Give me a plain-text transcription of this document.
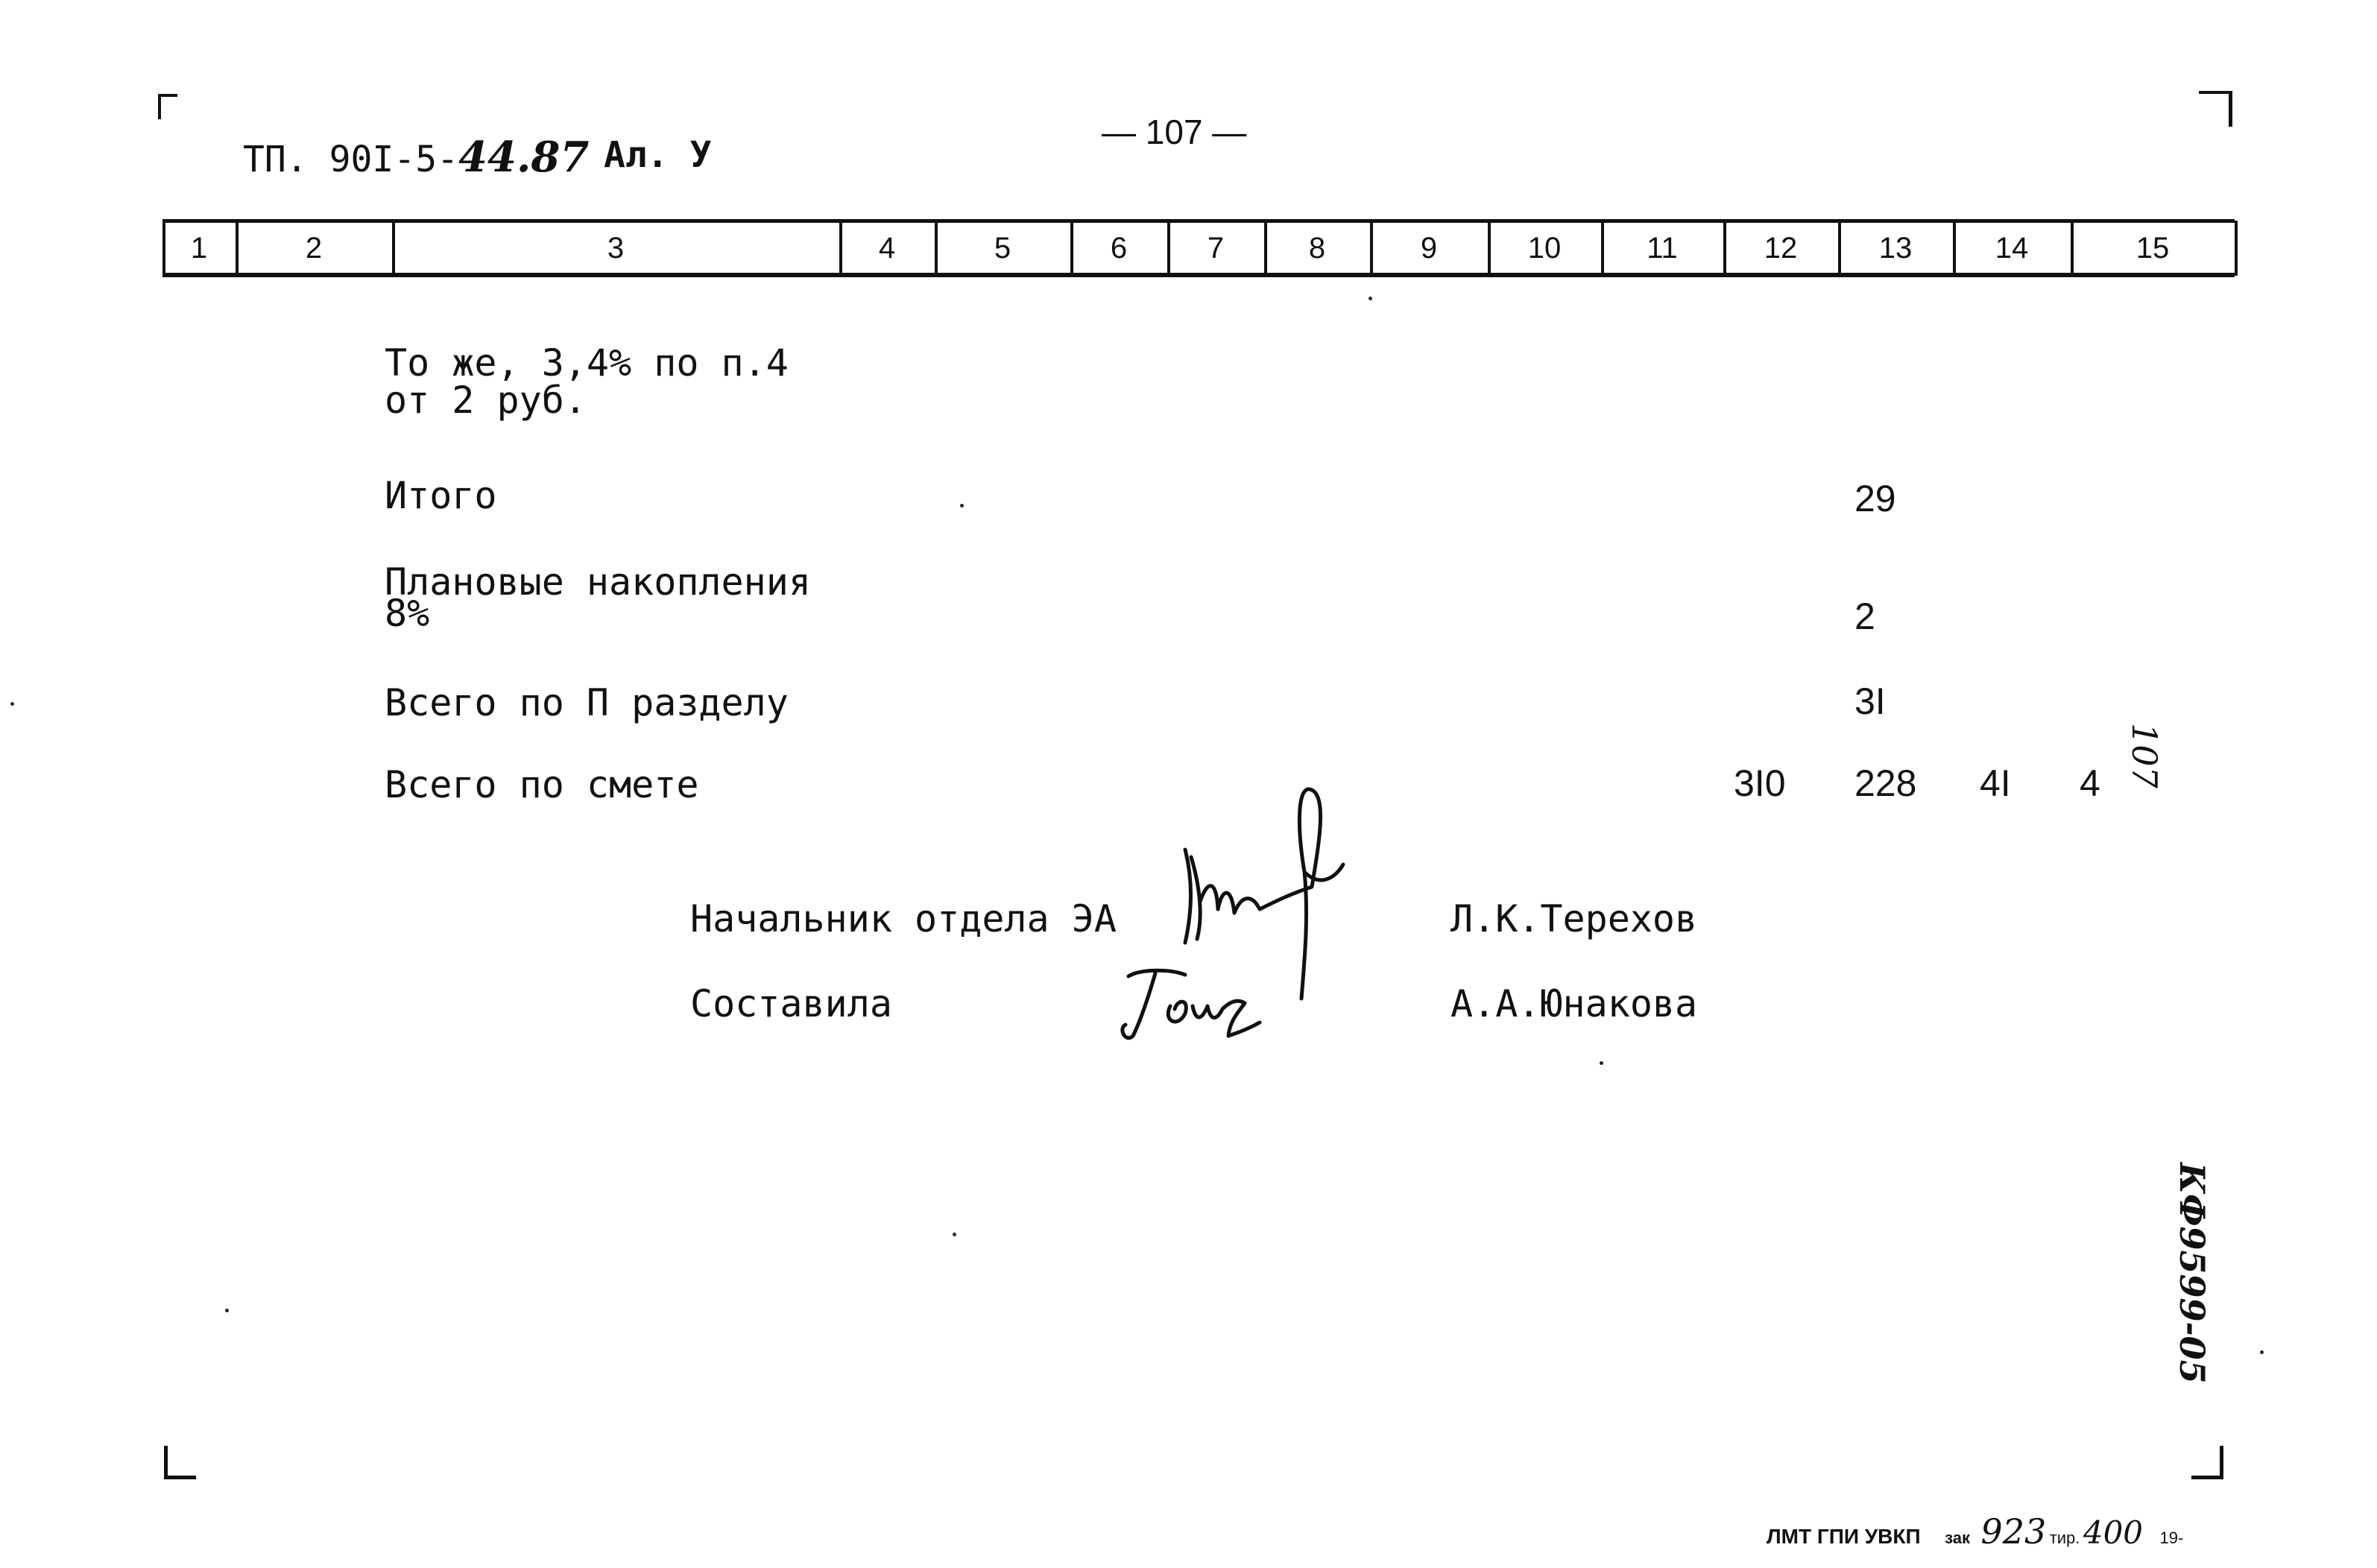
ТП. 90I-5-44.87 Ал. У
— 107 —
1	2	3	4	5	6	7	8	9	10	11	12	13	14	15
То же, 3,4% по п.4
от 2 руб.
Итого	29
Плановые накопления
8%	2
Всего по П разделу	3I
Всего по смете	3I0 228 4I 4
Начальник отдела ЭА	Л.К.Терехов
Составила	А.А.Юнакова
107
КФ9599-05
ЛМТ ГПИ УВКП зак 923 тир. 400 19-
